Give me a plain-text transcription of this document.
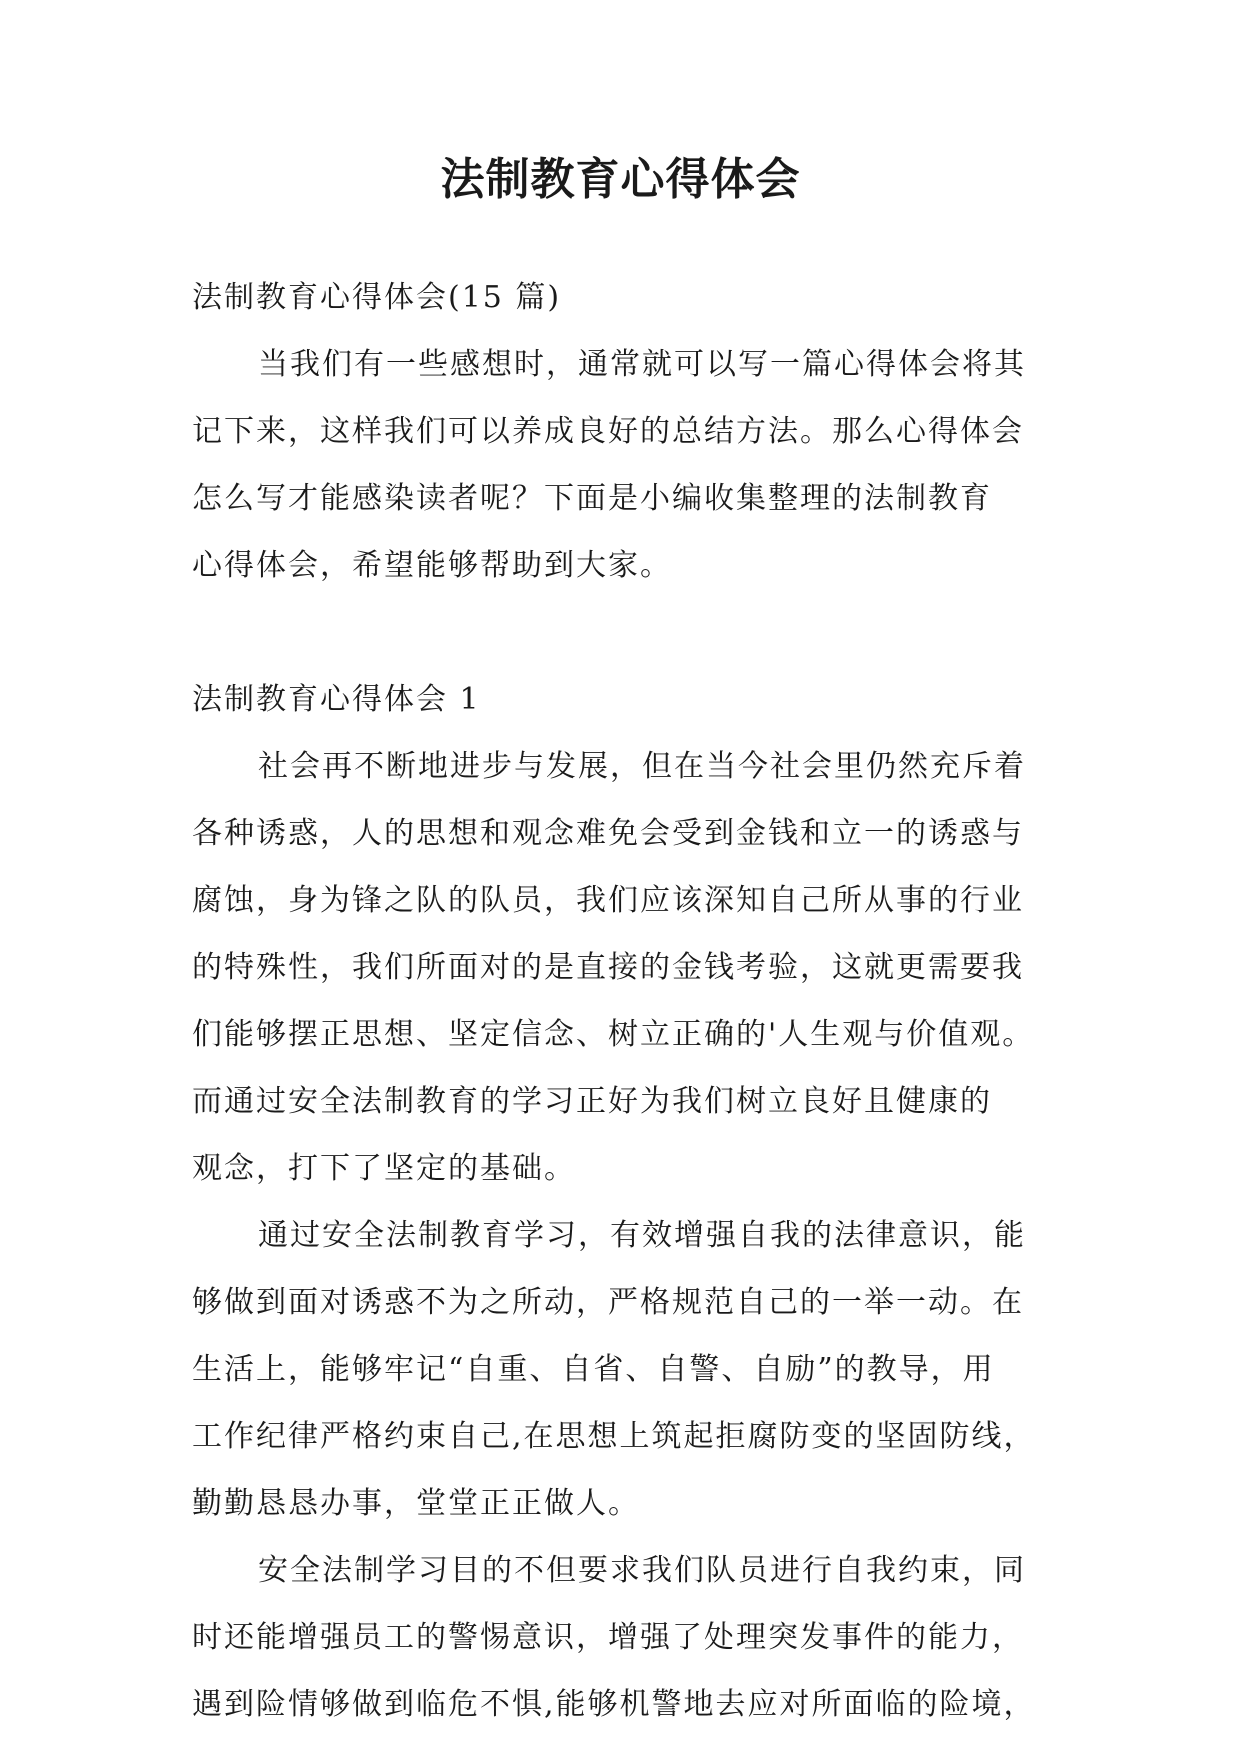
法制教育心得体会
法制教育心得体会(15 篇)
当我们有一些感想时，通常就可以写一篇心得体会将其
记下来，这样我们可以养成良好的总结方法。那么心得体会
怎么写才能感染读者呢？下面是小编收集整理的法制教育
心得体会，希望能够帮助到大家。
法制教育心得体会 1
社会再不断地进步与发展，但在当今社会里仍然充斥着
各种诱惑，人的思想和观念难免会受到金钱和立一的诱惑与
腐蚀，身为锋之队的队员，我们应该深知自己所从事的行业
的特殊性，我们所面对的是直接的金钱考验，这就更需要我
们能够摆正思想、坚定信念、树立正确的'人生观与价值观。
而通过安全法制教育的学习正好为我们树立良好且健康的
观念，打下了坚定的基础。
通过安全法制教育学习，有效增强自我的法律意识，能
够做到面对诱惑不为之所动，严格规范自己的一举一动。在
生活上，能够牢记“自重、自省、自警、自励”的教导，用
工作纪律严格约束自己,在思想上筑起拒腐防变的坚固防线，
勤勤恳恳办事，堂堂正正做人。
安全法制学习目的不但要求我们队员进行自我约束，同
时还能增强员工的警惕意识，增强了处理突发事件的能力，
遇到险情够做到临危不惧,能够机警地去应对所面临的险境，
